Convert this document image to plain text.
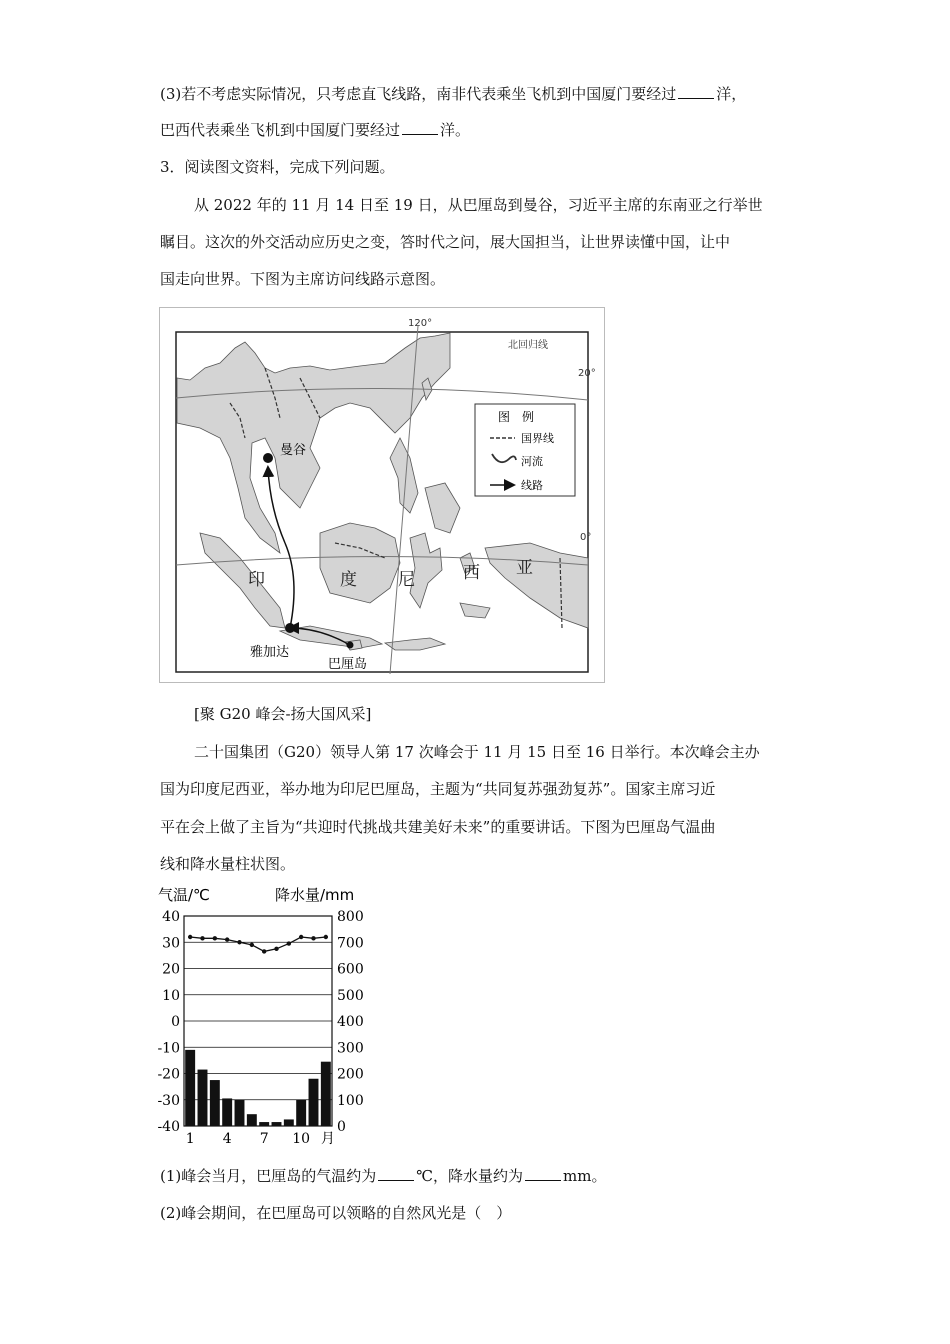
(3)若不考虑实际情况，只考虑直飞线路，南非代表乘坐飞机到中国厦门要经过	洋，
巴西代表乘坐飞机到中国厦门要经过	洋。
3．阅读图文资料，完成下列问题。
从 2022 年的 11 月 14 日至 19 日，从巴厘岛到曼谷，习近平主席的东南亚之行举世
瞩目。这次的外交活动应历史之变，答时代之问，展大国担当，让世界读懂中国，让中
国走向世界。下图为主席访问线路示意图。
曼谷
雅加达
巴厘岛
120°
北回归线
20°
0°
印	度 尼	西 亚
图　例
国界线
河流
线路
[聚 G20 峰会-扬大国风采]
二十国集团（G20）领导人第 17 次峰会于 11 月 15 日至 16 日举行。本次峰会主办
国为印度尼西亚，举办地为印尼巴厘岛，主题为“共同复苏强劲复苏”。国家主席习近
平在会上做了主旨为“共迎时代挑战共建美好未来”的重要讲话。下图为巴厘岛气温曲
线和降水量柱状图。
气温/℃	降水量/mm
40
30
20
10
0
-10
-20
-30
-40
800
700
600
500
400
300
200
100
0
1 4 7 10 月
(1)峰会当月，巴厘岛的气温约为	℃，降水量约为	mm。
(2)峰会期间，在巴厘岛可以领略的自然风光是（　）
